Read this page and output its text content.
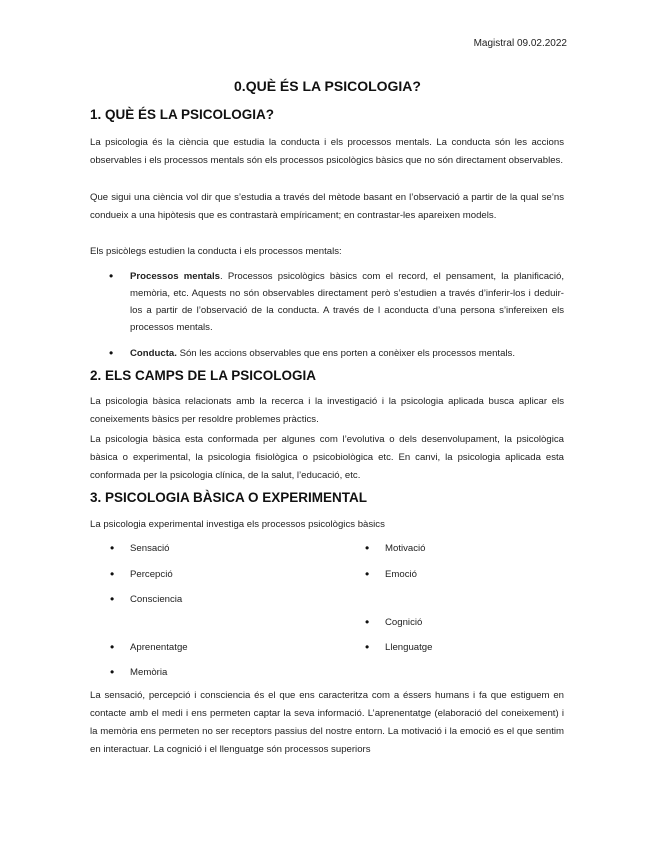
Magistral 09.02.2022
0.QUÈ ÉS LA PSICOLOGIA?
1. QUÈ ÉS LA PSICOLOGIA?
La psicologia és la ciència que estudia la conducta i els processos mentals. La conducta són les accions observables i els processos mentals són els processos psicològics bàsics que no són directament observables.
Que sigui una ciència vol dir que s’estudia a través del mètode basant en l’observació a partir de la qual se’ns condueix a una hipòtesis que es contrastarà empíricament; en contrastar-les apareixen models.
Els psicòlegs estudien la conducta i els processos mentals:
• Processos mentals. Processos psicològics bàsics com el record, el pensament, la planificació, memòria, etc. Aquests no són observables directament però s’estudien a través d’inferir-los i deduir-los a partir de l’observació de la conducta. A través de l aconducta d’una persona s’infereixen els processos mentals.
• Conducta. Són les accions observables que ens porten a conèixer els processos mentals.
2. ELS CAMPS DE LA PSICOLOGIA
La psicologia bàsica relacionats amb la recerca i la investigació i la psicologia aplicada busca aplicar els coneixements bàsics per resoldre problemes pràctics.
La psicologia bàsica esta conformada per algunes com l’evolutiva o dels desenvolupament, la psicològica bàsica o experimental, la psicologia fisiològica o psicobiològica etc. En canvi, la psicologia aplicada esta conformada per la psicologia clínica, de la salut, l’educació, etc.
3. PSICOLOGIA BÀSICA O EXPERIMENTAL
La psicologia experimental investiga els processos psicològics bàsics
• Sensació
• Percepció
• Consciencia
• Aprenentatge
• Memòria
• Motivació
• Emoció
• Cognició
• Llenguatge
La sensació, percepció i consciencia és el que ens caracteritza com a éssers humans i fa que estiguem en contacte amb el medi i ens permeten captar la seva informació. L’aprenentatge (elaboració del coneixement) i la memòria ens permeten no ser receptors passius del nostre entorn. La motivació i la emoció es el que sentim en interactuar. La cognició i el llenguatge són processos superiors
